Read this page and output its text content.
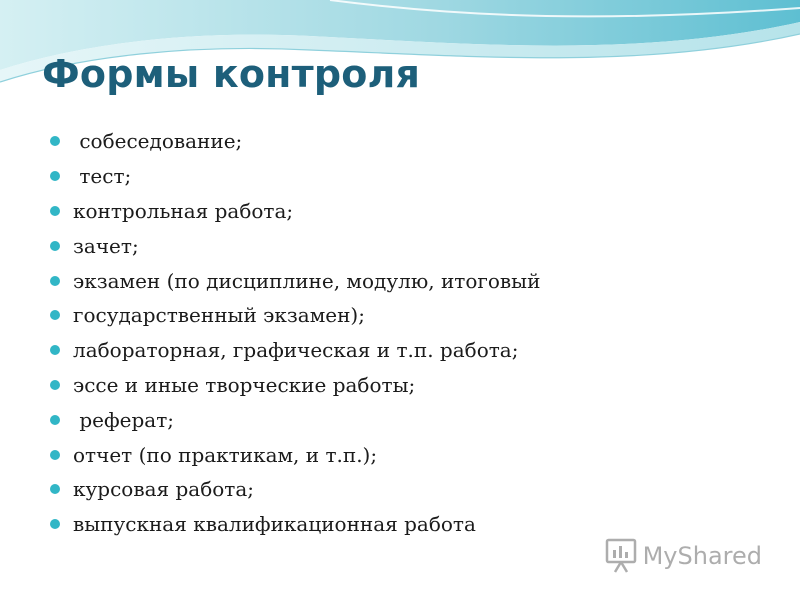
Формы контроля
собеседование;
тест;
контрольная работа;
зачет;
экзамен (по дисциплине, модулю, итоговый
государственный экзамен);
лабораторная, графическая и т.п. работа;
эссе и иные творческие работы;
реферат;
отчет (по практикам, и т.п.);
курсовая работа;
выпускная квалификационная работа
MyShared
